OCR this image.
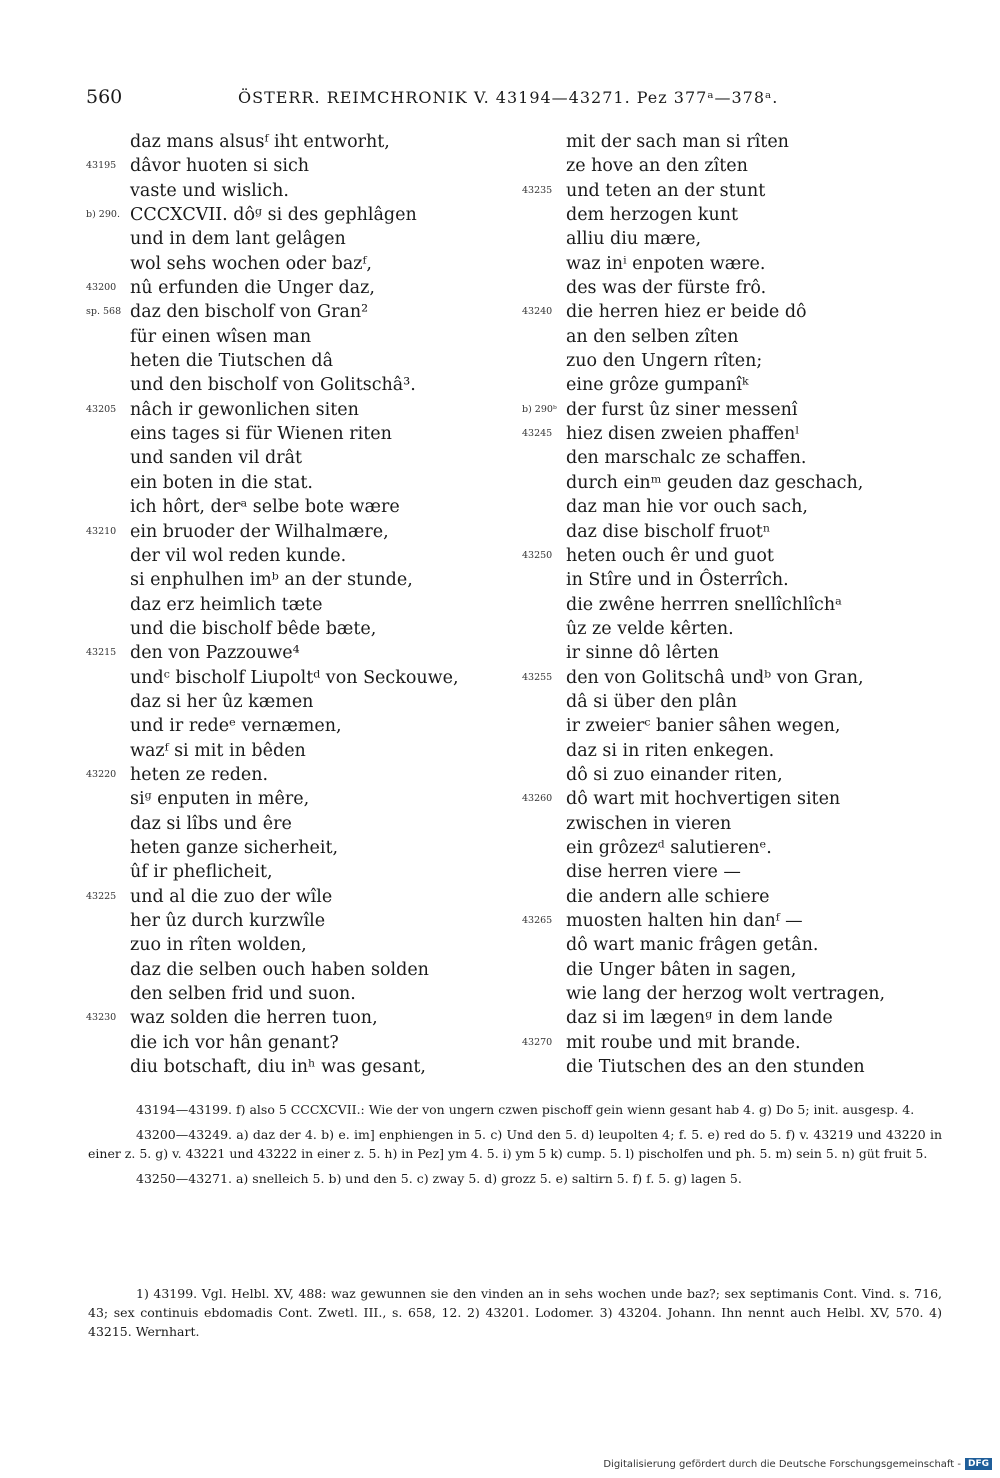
560	ÖSTERR. REIMCHRONIK V. 43194—43271. Pez 377ᵃ—378ᵃ.
daz mans alsusᶠ iht entworht,
43195 dâvor huoten si sich
vaste und wislich.
b) 290. CCCXCVII. dôᵍ si des gephlâgen
und in dem lant gelâgen
wol sehs wochen oder bazᶠ,
43200 nû erfunden die Unger daz,
sp. 568 daz den bischolf von Gran²
für einen wîsen man
heten die Tiutschen dâ
und den bischolf von Golitschâ³.
43205 nâch ir gewonlichen siten
eins tages si für Wienen riten
und sanden vil drât
ein boten in die stat.
ich hôrt, derᵃ selbe bote wære
43210 ein bruoder der Wilhalmære,
der vil wol reden kunde.
si enphulhen imᵇ an der stunde,
daz erz heimlich tæte
und die bischolf bêde bæte,
43215 den von Pazzouwe⁴
undᶜ bischolf Liupoltᵈ von Seckouwe,
daz si her ûz kæmen
und ir redeᵉ vernæmen,
wazᶠ si mit in bêden
43220 heten ze reden.
siᵍ enputen in mêre,
daz si lîbs und êre
heten ganze sicherheit,
ûf ir pheflicheit,
43225 und al die zuo der wîle
her ûz durch kurzwîle
zuo in rîten wolden,
daz die selben ouch haben solden
den selben frid und suon.
43230 waz solden die herren tuon,
die ich vor hân genant?
diu botschaft, diu inʰ was gesant,
mit der sach man si rîten
ze hove an den zîten
43235 und teten an der stunt
dem herzogen kunt
alliu diu mære,
waz inⁱ enpoten wære.
des was der fürste frô.
43240 die herren hiez er beide dô
an den selben zîten
zuo den Ungern rîten;
eine grôze gumpanîᵏ
b) 290ᵇ der furst ûz siner messenî
43245 hiez disen zweien phaffenˡ
den marschalc ze schaffen.
durch einᵐ geuden daz geschach,
daz man hie vor ouch sach,
daz dise bischolf fruotⁿ
43250 heten ouch êr und guot
in Stîre und in Ôsterrîch.
die zwêne herrren snellîchlîchᵃ
ûz ze velde kêrten.
ir sinne dô lêrten
43255 den von Golitschâ undᵇ von Gran,
dâ si über den plân
ir zweierᶜ banier sâhen wegen,
daz si in riten enkegen.
dô si zuo einander riten,
43260 dô wart mit hochvertigen siten
zwischen in vieren
ein grôzezᵈ salutierenᵉ.
dise herren viere —
die andern alle schiere
43265 muosten halten hin danᶠ —
dô wart manic frâgen getân.
die Unger bâten in sagen,
wie lang der herzog wolt vertragen,
daz si im lægenᵍ in dem lande
43270 mit roube und mit brande.
die Tiutschen des an den stunden

43194—43199. f) also 5 CCCXCVII.: Wie der von ungern czwen pischoff gein wienn gesant hab 4. g) Do 5; init. ausgesp. 4.

43200—43249. a) daz der 4. b) e. im] enphiengen in 5. c) Und den 5. d) leupolten 4; f. 5. e) red do 5. f) v. 43219 und 43220 in einer z. 5. g) v. 43221 und 43222 in einer z. 5. h) in Pez] ym 4. 5. i) ym 5 k) cump. 5. l) pischolfen und ph. 5. m) sein 5. n) güt fruit 5.

43250—43271. a) snelleich 5. b) und den 5. c) zway 5. d) grozz 5. e) saltirn 5. f) f. 5. g) lagen 5.

1) 43199. Vgl. Helbl. XV, 488: waz gewunnen sie den vinden an in sehs wochen unde baz?; sex septimanis Cont. Vind. s. 716, 43; sex continuis ebdomadis Cont. Zwetl. III., s. 658, 12. 2) 43201. Lodomer. 3) 43204. Johann. Ihn nennt auch Helbl. XV, 570. 4) 43215. Wernhart.

Digitalisierung gefördert durch die Deutsche Forschungsgemeinschaft - DFG
